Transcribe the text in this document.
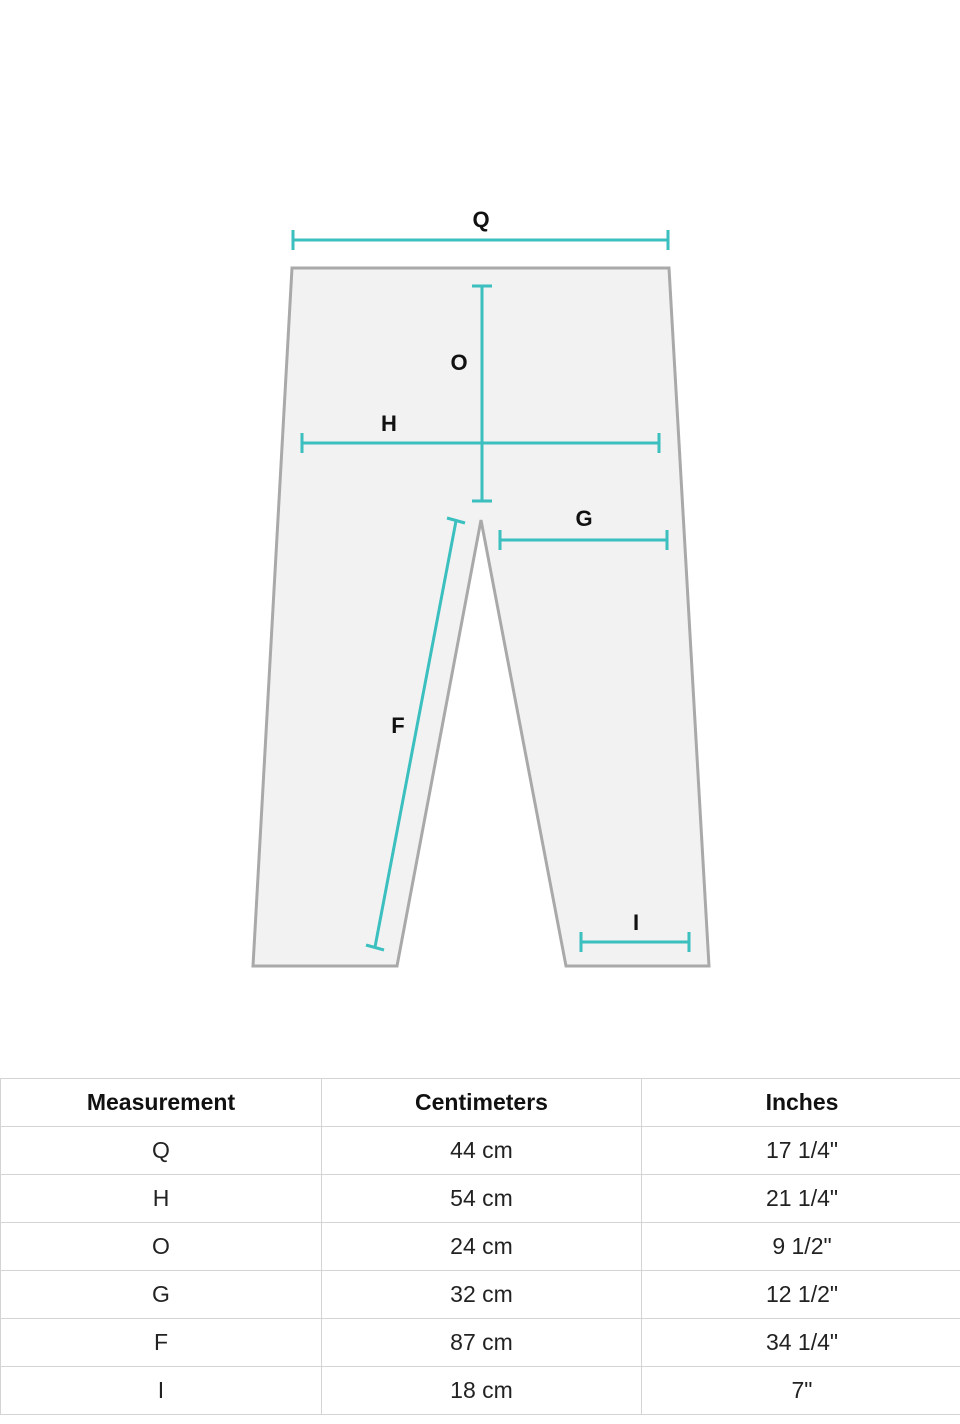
Q
O
H
G
F
I
Measurement	Centimeters	Inches
Q	44 cm	17 1/4"
H	54 cm	21 1/4"
O	24 cm	9 1/2"
G	32 cm	12 1/2"
F	87 cm	34 1/4"
I	18 cm	7"
